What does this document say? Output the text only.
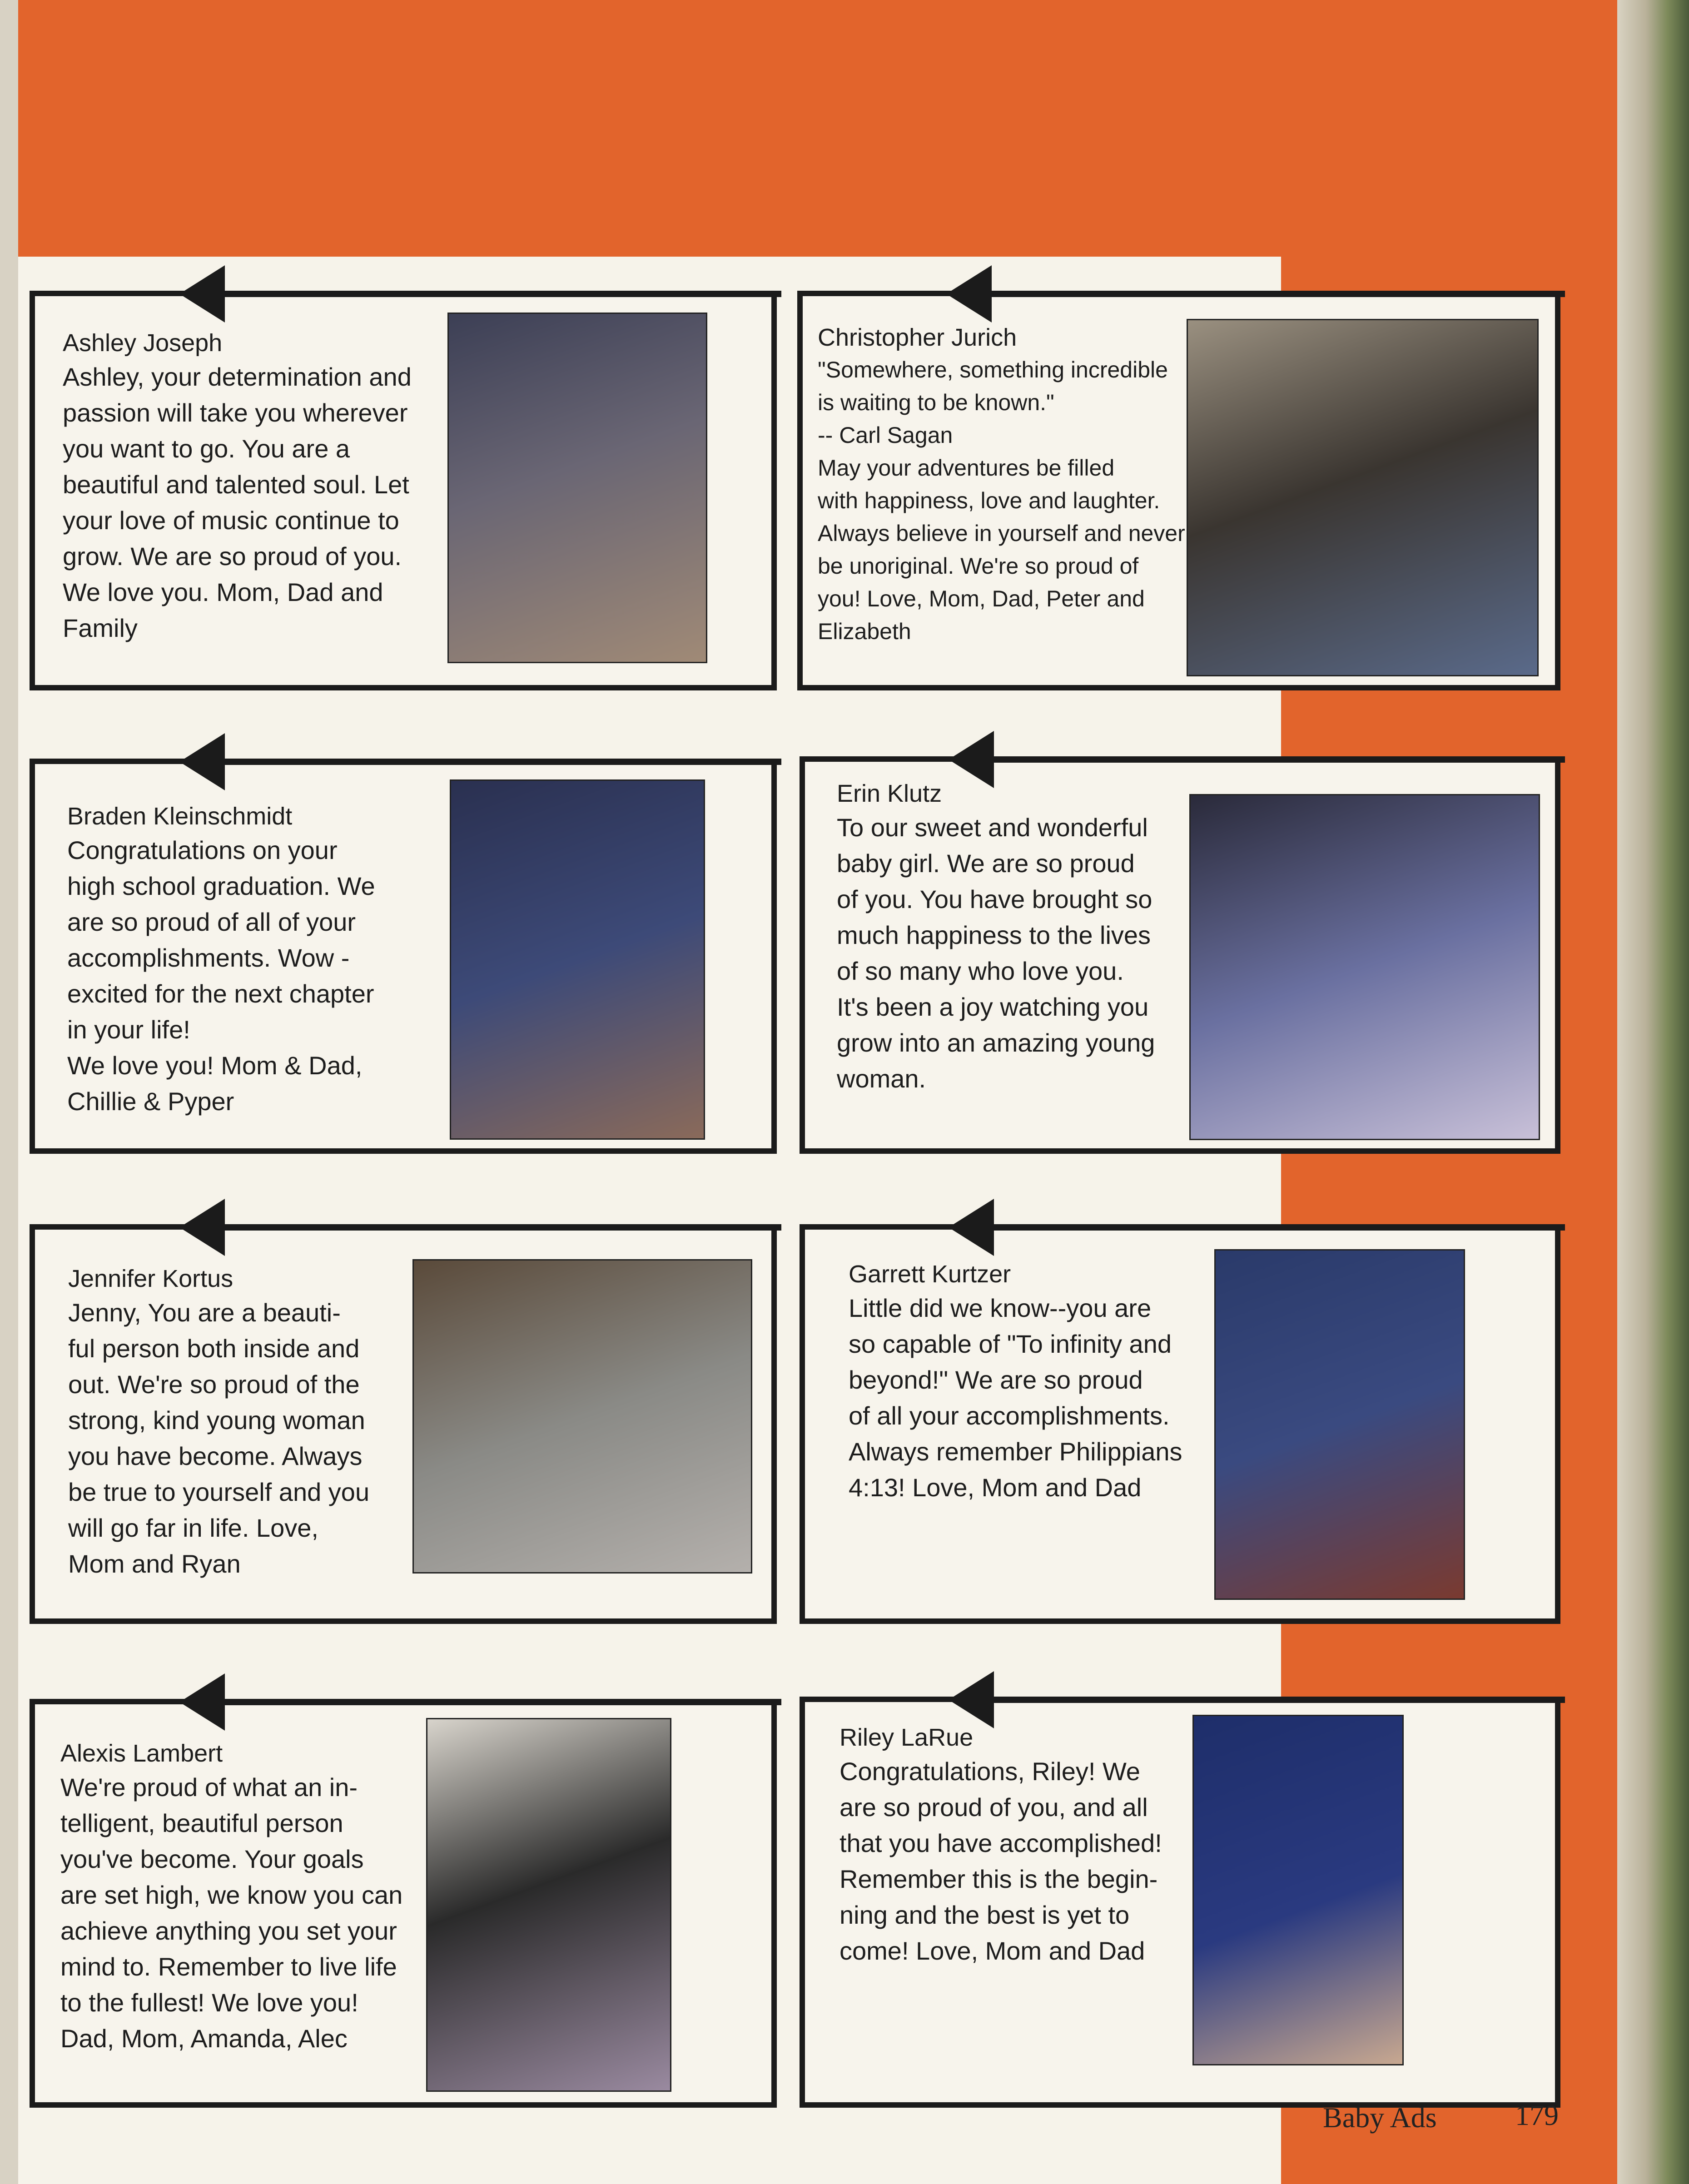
Ashley Joseph
Ashley, your determination and
passion will take you wherever
you want to go. You are a
beautiful and talented soul. Let
your love of music continue to
grow. We are so proud of you.
We love you. Mom, Dad and
Family
Christopher Jurich
"Somewhere, something incredible
is waiting to be known."
-- Carl Sagan
May your adventures be filled
with happiness, love and laughter.
Always believe in yourself and never
be unoriginal. We're so proud of
you! Love, Mom, Dad, Peter and
Elizabeth
Braden Kleinschmidt
Congratulations on your
high school graduation. We
are so proud of all of your
accomplishments. Wow -
excited for the next chapter
in your life!
We love you! Mom & Dad,
Chillie & Pyper
Erin Klutz
To our sweet and wonderful
baby girl. We are so proud
of you. You have brought so
much happiness to the lives
of so many who love you.
It's been a joy watching you
grow into an amazing young
woman.
Jennifer Kortus
Jenny, You are a beauti-
ful person both inside and
out. We're so proud of the
strong, kind young woman
you have become. Always
be true to yourself and you
will go far in life. Love,
Mom and Ryan
Garrett Kurtzer
Little did we know--you are
so capable of "To infinity and
beyond!" We are so proud
of all your accomplishments.
Always remember Philippians
4:13! Love, Mom and Dad
Alexis Lambert
We're proud of what an in-
telligent, beautiful person
you've become. Your goals
are set high, we know you can
achieve anything you set your
mind to. Remember to live life
to the fullest! We love you!
Dad, Mom, Amanda, Alec
Riley LaRue
Congratulations, Riley! We
are so proud of you, and all
that you have accomplished!
Remember this is the begin-
ning and the best is yet to
come! Love, Mom and Dad
Baby Ads	179
